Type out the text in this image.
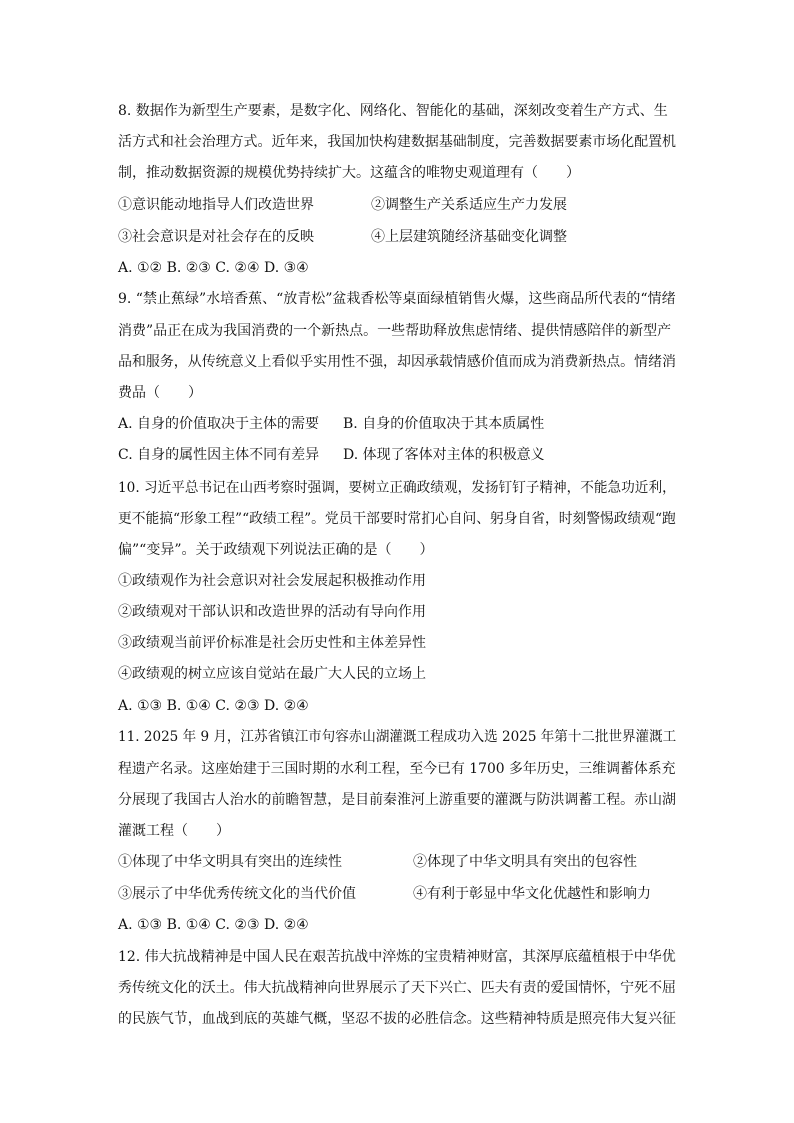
8. 数据作为新型生产要素，是数字化、网络化、智能化的基础，深刻改变着生产方式、生
活方式和社会治理方式。近年来，我国加快构建数据基础制度，完善数据要素市场化配置机
制，推动数据资源的规模优势持续扩大。这蕴含的唯物史观道理有（　　）
①意识能动地指导人们改造世界	②调整生产关系适应生产力发展
③社会意识是对社会存在的反映	④上层建筑随经济基础变化调整
A. ①② B. ②③ C. ②④ D. ③④
9. “禁止蕉绿”水培香蕉、“放青松”盆栽香松等桌面绿植销售火爆，这些商品所代表的“情绪
消费”品正在成为我国消费的一个新热点。一些帮助释放焦虑情绪、提供情感陪伴的新型产
品和服务，从传统意义上看似乎实用性不强，却因承载情感价值而成为消费新热点。情绪消
费品（　　）
A. 自身的价值取决于主体的需要 B. 自身的价值取决于其本质属性
C. 自身的属性因主体不同有差异 D. 体现了客体对主体的积极意义
10. 习近平总书记在山西考察时强调，要树立正确政绩观，发扬钉钉子精神，不能急功近利，
更不能搞“形象工程”“政绩工程”。党员干部要时常扪心自问、躬身自省，时刻警惕政绩观“跑
偏”“变异”。关于政绩观下列说法正确的是（　　）
①政绩观作为社会意识对社会发展起积极推动作用
②政绩观对干部认识和改造世界的活动有导向作用
③政绩观当前评价标准是社会历史性和主体差异性
④政绩观的树立应该自觉站在最广大人民的立场上
A. ①③ B. ①④ C. ②③ D. ②④
11. 2025 年 9 月，江苏省镇江市句容赤山湖灌溉工程成功入选 2025 年第十二批世界灌溉工
程遗产名录。这座始建于三国时期的水利工程，至今已有 1700 多年历史，三维调蓄体系充
分展现了我国古人治水的前瞻智慧，是目前秦淮河上游重要的灌溉与防洪调蓄工程。赤山湖
灌溉工程（　　）
①体现了中华文明具有突出的连续性	②体现了中华文明具有突出的包容性
③展示了中华优秀传统文化的当代价值	④有利于彰显中华文化优越性和影响力
A. ①③ B. ①④ C. ②③ D. ②④
12. 伟大抗战精神是中国人民在艰苦抗战中淬炼的宝贵精神财富，其深厚底蕴植根于中华优
秀传统文化的沃土。伟大抗战精神向世界展示了天下兴亡、匹夫有责的爱国情怀，宁死不屈
的民族气节，血战到底的英雄气概，坚忍不拔的必胜信念。这些精神特质是照亮伟大复兴征
